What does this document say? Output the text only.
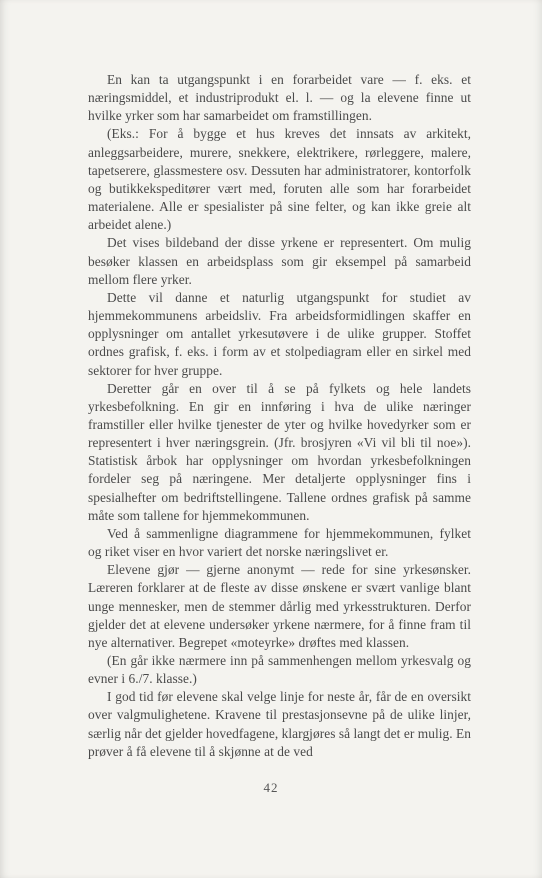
En kan ta utgangspunkt i en forarbeidet vare — f. eks. et næringsmiddel, et industriprodukt el. l. — og la elevene finne ut hvilke yrker som har samarbeidet om framstillingen.

(Eks.: For å bygge et hus kreves det innsats av arkitekt, anleggsarbeidere, murere, snekkere, elektrikere, rørleggere, malere, tapetserere, glassmestere osv. Dessuten har administratorer, kontorfolk og butikkekspeditører vært med, foruten alle som har forarbeidet materialene. Alle er spesialister på sine felter, og kan ikke greie alt arbeidet alene.)

Det vises bildeband der disse yrkene er representert. Om mulig besøker klassen en arbeidsplass som gir eksempel på samarbeid mellom flere yrker.

Dette vil danne et naturlig utgangspunkt for studiet av hjemmekommunens arbeidsliv. Fra arbeidsformidlingen skaffer en opplysninger om antallet yrkesutøvere i de ulike grupper. Stoffet ordnes grafisk, f. eks. i form av et stolpediagram eller en sirkel med sektorer for hver gruppe.

Deretter går en over til å se på fylkets og hele landets yrkesbefolkning. En gir en innføring i hva de ulike næringer framstiller eller hvilke tjenester de yter og hvilke hovedyrker som er representert i hver næringsgrein. (Jfr. brosjyren «Vi vil bli til noe»). Statistisk årbok har opplysninger om hvordan yrkesbefolkningen fordeler seg på næringene. Mer detaljerte opplysninger fins i spesialhefter om bedriftstellingene. Tallene ordnes grafisk på samme måte som tallene for hjemmekommunen.

Ved å sammenligne diagrammene for hjemmekommunen, fylket og riket viser en hvor variert det norske næringslivet er.

Elevene gjør — gjerne anonymt — rede for sine yrkesønsker. Læreren forklarer at de fleste av disse ønskene er svært vanlige blant unge mennesker, men de stemmer dårlig med yrkesstrukturen. Derfor gjelder det at elevene undersøker yrkene nærmere, for å finne fram til nye alternativer. Begrepet «moteyrke» drøftes med klassen.

(En går ikke nærmere inn på sammenhengen mellom yrkesvalg og evner i 6./7. klasse.)

I god tid før elevene skal velge linje for neste år, får de en oversikt over valgmulighetene. Kravene til prestasjonsevne på de ulike linjer, særlig når det gjelder hovedfagene, klargjøres så langt det er mulig. En prøver å få elevene til å skjønne at de ved

42
